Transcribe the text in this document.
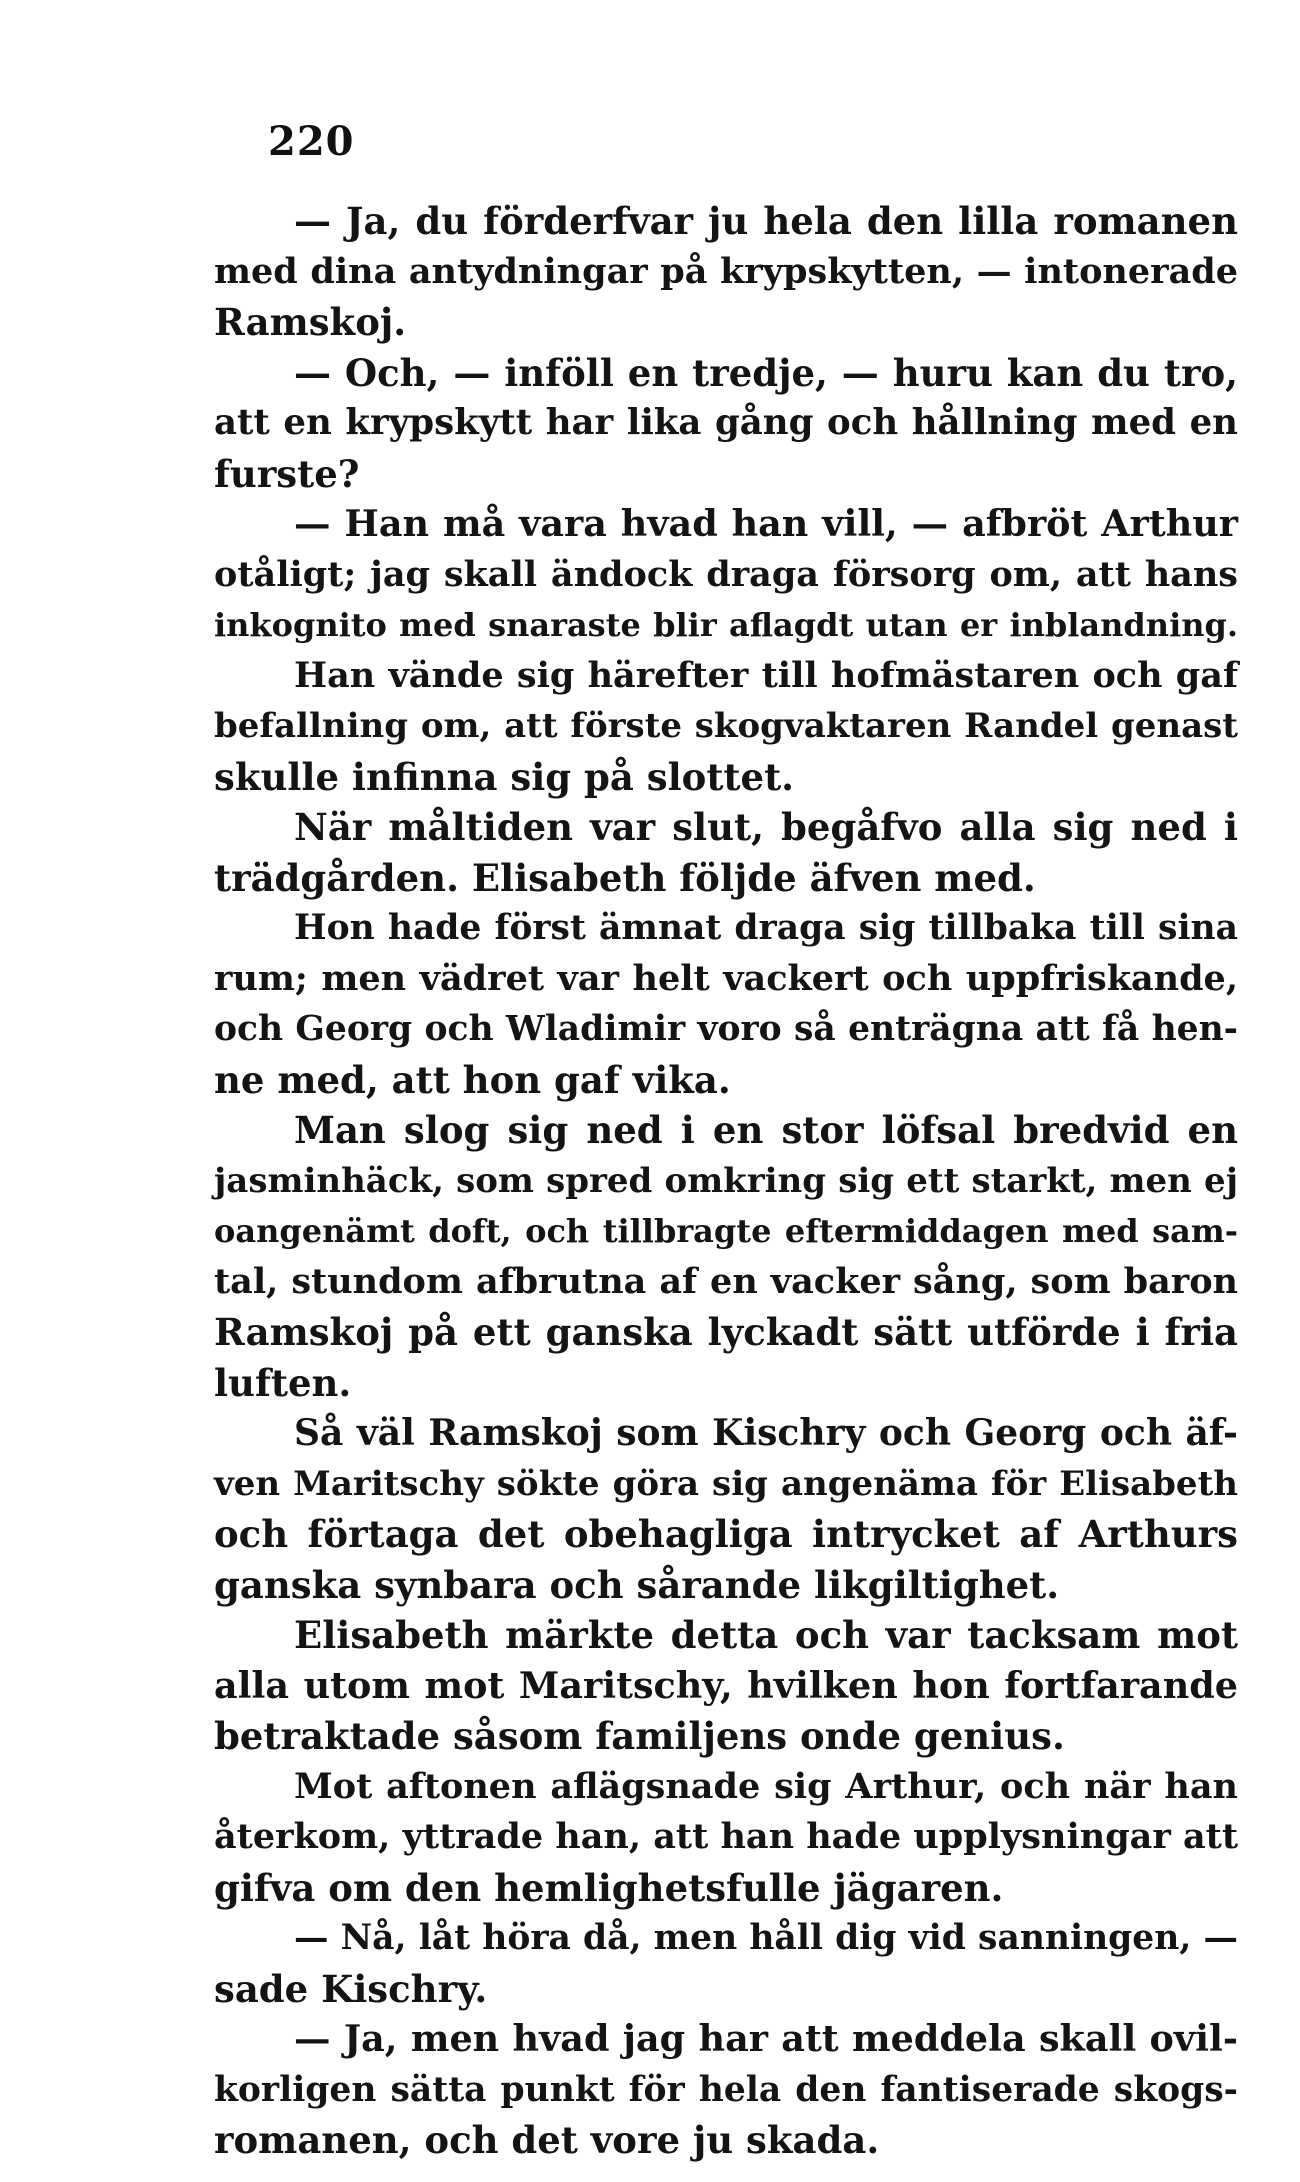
220
— Ja, du förderfvar ju hela den lilla romanen
med dina antydningar på krypskytten, — intonerade
Ramskoj.
— Och, — inföll en tredje, — huru kan du tro,
att en krypskytt har lika gång och hållning med en
furste?
— Han må vara hvad han vill, — afbröt Arthur
otåligt; jag skall ändock draga försorg om, att hans
inkognito med snaraste blir aflagdt utan er inblandning.
Han vände sig härefter till hofmästaren och gaf
befallning om, att förste skogvaktaren Randel genast
skulle infinna sig på slottet.
När måltiden var slut, begåfvo alla sig ned i
trädgården. Elisabeth följde äfven med.
Hon hade först ämnat draga sig tillbaka till sina
rum; men vädret var helt vackert och uppfriskande,
och Georg och Wladimir voro så enträgna att få hen-
ne med, att hon gaf vika.
Man slog sig ned i en stor löfsal bredvid en
jasminhäck, som spred omkring sig ett starkt, men ej
oangenämt doft, och tillbragte eftermiddagen med sam-
tal, stundom afbrutna af en vacker sång, som baron
Ramskoj på ett ganska lyckadt sätt utförde i fria
luften.
Så väl Ramskoj som Kischry och Georg och äf-
ven Maritschy sökte göra sig angenäma för Elisabeth
och förtaga det obehagliga intrycket af Arthurs
ganska synbara och sårande likgiltighet.
Elisabeth märkte detta och var tacksam mot
alla utom mot Maritschy, hvilken hon fortfarande
betraktade såsom familjens onde genius.
Mot aftonen aflägsnade sig Arthur, och när han
återkom, yttrade han, att han hade upplysningar att
gifva om den hemlighetsfulle jägaren.
— Nå, låt höra då, men håll dig vid sanningen, —
sade Kischry.
— Ja, men hvad jag har att meddela skall ovil-
korligen sätta punkt för hela den fantiserade skogs-
romanen, och det vore ju skada.
